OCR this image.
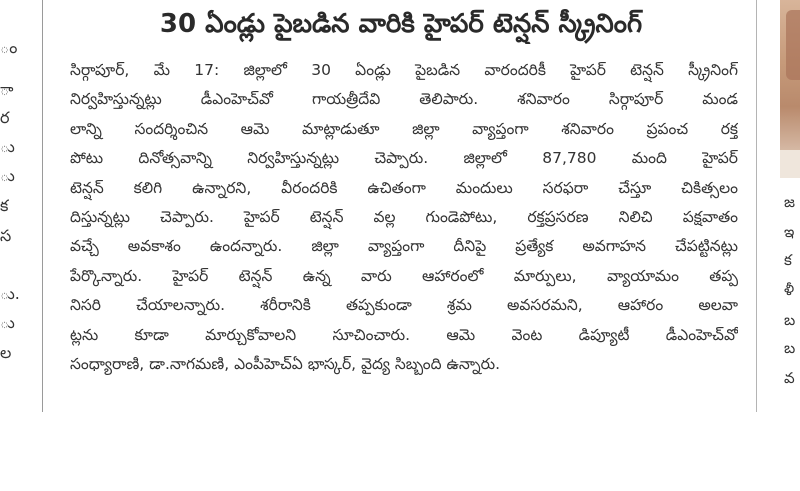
ం
ా
ర
ు
ు
క
స
ు.
ు
ల
30 ఏండ్లు పైబడిన వారికి హైపర్ టెన్షన్ స్క్రీనింగ్
సిర్గాపూర్, మే 17: జిల్లాలో 30 ఏండ్లు పైబడిన వారందరికీ హైపర్ టెన్షన్ స్క్రీనింగ్
నిర్వహిస్తున్నట్లు డీఎంహెచ్‌వో గాయత్రీదేవి తెలిపారు. శనివారం సిర్గాపూర్ మండ
లాన్ని సందర్శించిన ఆమె మాట్లాడుతూ జిల్లా వ్యాప్తంగా శనివారం ప్రపంచ రక్త
పోటు దినోత్సవాన్ని నిర్వహిస్తున్నట్లు చెప్పారు. జిల్లాలో 87,780 మంది హైపర్
టెన్షన్ కలిగి ఉన్నారని, వీరందరికి ఉచితంగా మందులు సరఫరా చేస్తూ చికిత్సలం
దిస్తున్నట్లు చెప్పారు. హైపర్ టెన్షన్ వల్ల గుండెపోటు, రక్తప్రసరణ నిలిచి పక్షవాతం
వచ్చే అవకాశం ఉందన్నారు. జిల్లా వ్యాప్తంగా దీనిపై ప్రత్యేక అవగాహన చేపట్టినట్లు
పేర్కొన్నారు. హైపర్ టెన్షన్ ఉన్న వారు ఆహారంలో మార్పులు, వ్యాయామం తప్ప
నిసరి చేయాలన్నారు. శరీరానికి తప్పకుండా శ్రమ అవసరమని, ఆహారం అలవా
ట్లను కూడా మార్చుకోవాలని సూచించారు. ఆమె వెంట డిప్యూటీ డీఎంహెచ్‌వో
సంధ్యారాణి, డా.నాగమణి, ఎంపీహెచ్ఏ భాస్కర్, వైద్య సిబ్బంది ఉన్నారు.
జ
ఇ
క
ళీ
బ
బ
వ
